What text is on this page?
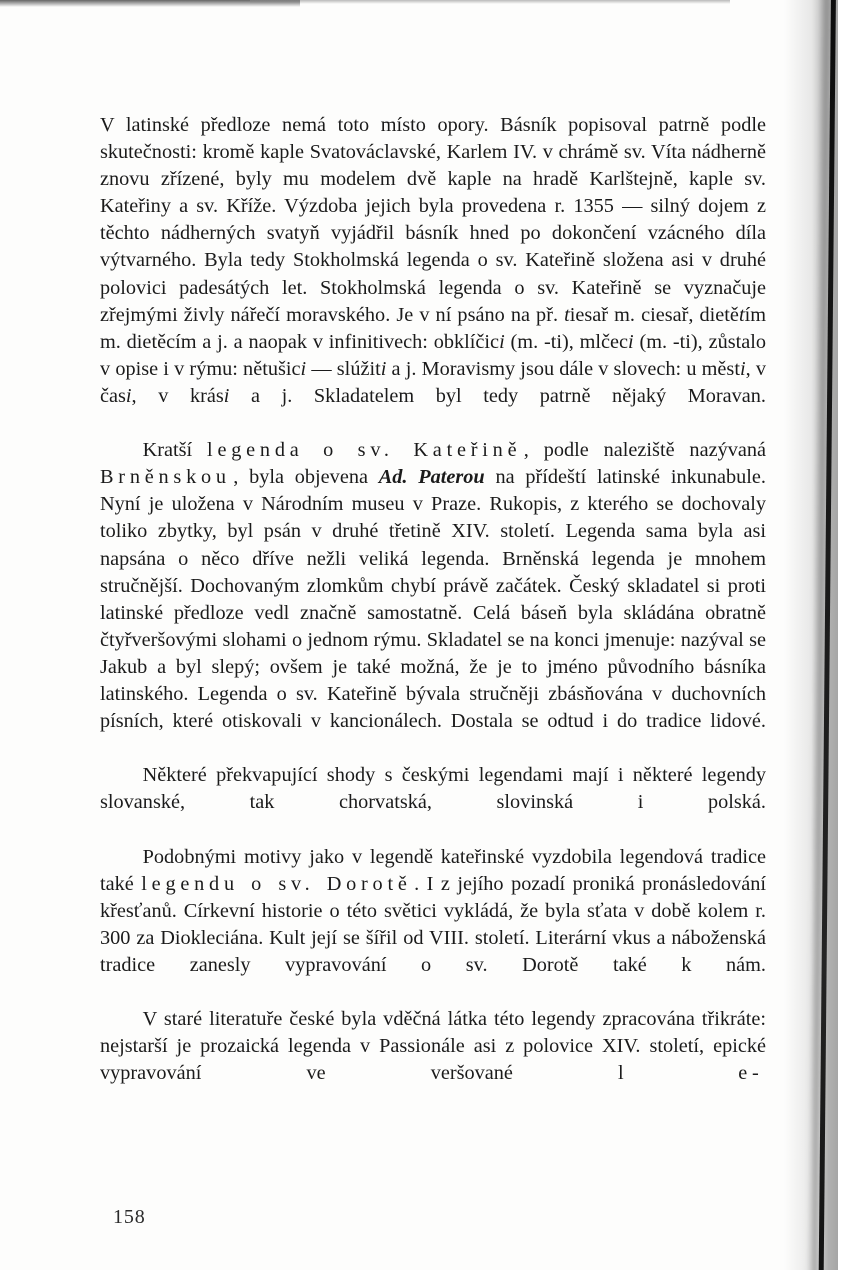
V latinské předloze nemá toto místo opory. Básník popisoval patrně podle skutečnosti: kromě kaple Svatováclavské, Karlem IV. v chrámě sv. Víta nádherně znovu zřízené, byly mu modelem dvě kaple na hradě Karlštejně, kaple sv. Kateřiny a sv. Kříže. Výzdoba jejich byla provedena r. 1355 — silný dojem z těchto nádherných svatyň vyjádřil básník hned po dokončení vzácného díla výtvarného. Byla tedy Stokholmská legenda o sv. Kateřině složena asi v druhé polovici padesátých let. Stokholmská legenda o sv. Kateřině se vyznačuje zřejmými živly nářečí moravského. Je v ní psáno na př. tiesař m. ciesař, dietětím m. dietěcím a j. a naopak v infinitivech: obklíčici (m. -ti), mlčeci (m. -ti), zůstalo v opise i v rýmu: nětušici — slúžiti a j. Moravismy jsou dále v slovech: u městi, v časi, v krási a j. Skladatelem byl tedy patrně nějaký Moravan.

Kratší legenda o sv. Kateřině , podle naleziště nazývaná Brněnskou , byla objevena Ad. Paterou na přídeští latinské inkunabule. Nyní je uložena v Národním museu v Praze. Rukopis, z kterého se dochovaly toliko zbytky, byl psán v druhé třetině XIV. století. Legenda sama byla asi napsána o něco dříve nežli veliká legenda. Brněnská legenda je mnohem stručnější. Dochovaným zlomkům chybí právě začátek. Český skladatel si proti latinské předloze vedl značně samostatně. Celá báseň byla skládána obratně čtyřveršovými slohami o jednom rýmu. Skladatel se na konci jmenuje: nazýval se Jakub a byl slepý; ovšem je také možná, že je to jméno původního básníka latinského. Legenda o sv. Kateřině bývala stručněji zbásňována v duchovních písních, které otiskovali v kancionálech. Dostala se odtud i do tradice lidové.

Některé překvapující shody s českými legendami mají i některé legendy slovanské, tak chorvatská, slovinská i polská.

Podobnými motivy jako v legendě kateřinské vyzdobila legendová tradice také legendu o sv. Dorotě . I z jejího pozadí proniká pronásledování křesťanů. Církevní historie o této světici vykládá, že byla sťata v době kolem r. 300 za Diokleciána. Kult její se šířil od VIII. století. Literární vkus a náboženská tradice zanesly vypravování o sv. Dorotě také k nám.

V staré literatuře české byla vděčná látka této legendy zpracována třikráte: nejstarší je prozaická legenda v Passionále asi z polovice XIV. století, epické vypravování ve veršované l e-

158
